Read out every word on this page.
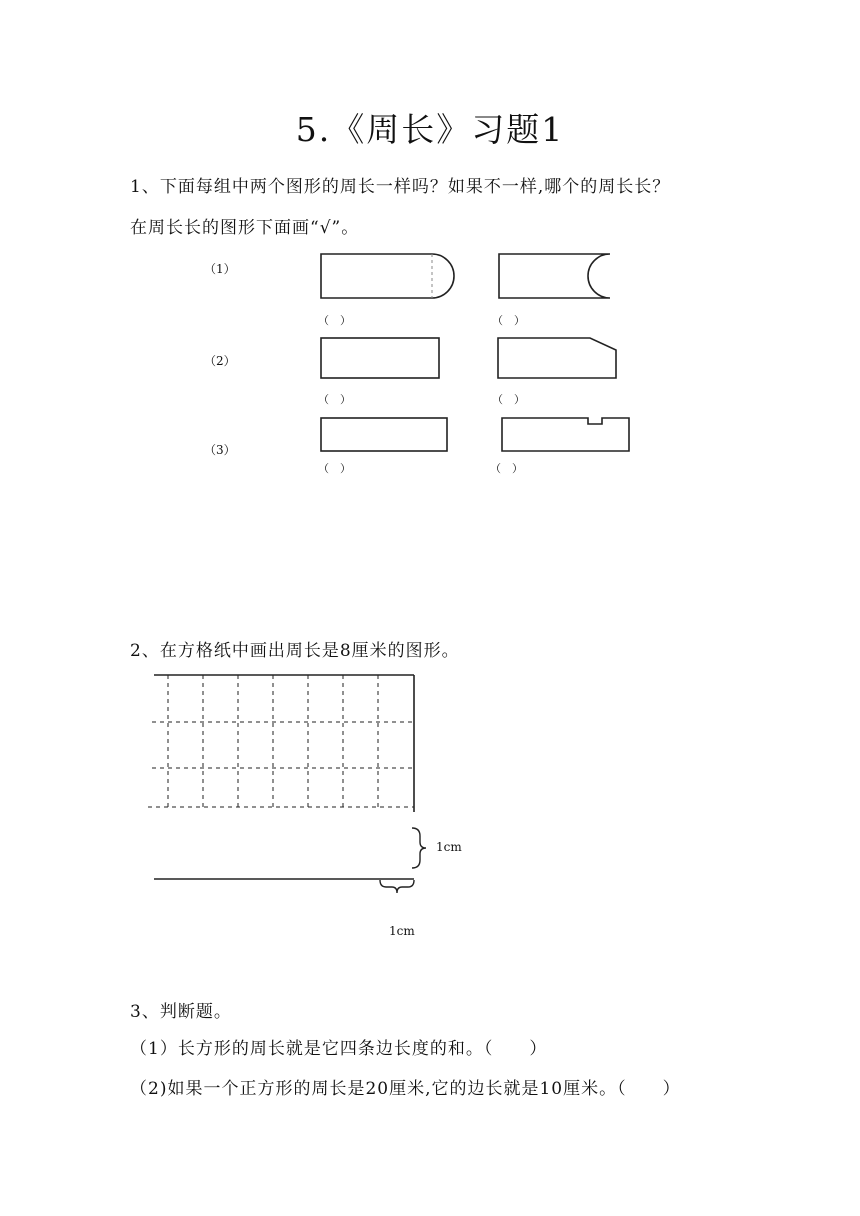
5.《周长》习题1
1、下面每组中两个图形的周长一样吗？如果不一样,哪个的周长长？
在周长长的图形下面画“√”。
（1）
（2）
（3）
（　）	（　）
（　）	（　）
（　）	（　）
2、在方格纸中画出周长是8厘米的图形。
1cm
1cm
3、判断题。
（1）长方形的周长就是它四条边长度的和。（　　）
（2)如果一个正方形的周长是20厘米,它的边长就是10厘米。（　　）
